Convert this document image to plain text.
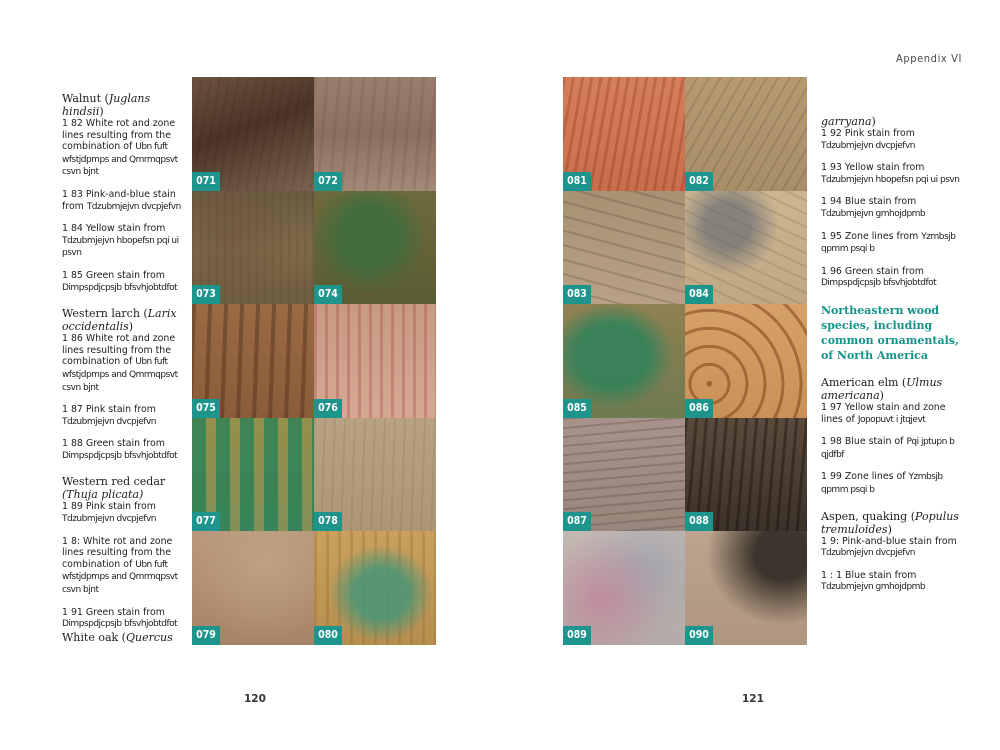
Appendix VI
Walnut (Juglans hindsii)
1 82 White rot and zone lines resulting from the combination of Ubn fuft wfstjdpmps and Qmrmqpsvt csvn bjnt
1 83 Pink-and-blue stain from Tdzubmjejvn dvcpjefvn
1 84 Yellow stain from Tdzubmjejvn hbopefsn pqi ui psvn
1 85 Green stain from Dimpspdjcpsjb bfsvhjobtdfot
Western larch (Larix occidentalis)
1 86 White rot and zone lines resulting from the combination of Ubn fuft wfstjdpmps and Qmrmqpsvt csvn bjnt
1 87 Pink stain from Tdzubmjejvn dvcpjefvn
1 88 Green stain from Dimpspdjcpsjb bfsvhjobtdfot
Western red cedar
(Thuja plicata)
1 89 Pink stain from Tdzubmjejvn dvcpjefvn
1 8: White rot and zone lines resulting from the combination of Ubn fuft wfstjdpmps and Qmrmqpsvt csvn bjnt
1 91 Green stain from Dimpspdjcpsjb bfsvhjobtdfot
White oak (Quercus
071	072
073	074
075	076
077	078
079	080
081	082
083	084
085	086
087	088
089	090
garryana)
1 92 Pink stain from Tdzubmjejvn dvcpjefvn
1 93 Yellow stain from Tdzubmjejvn hbopefsn pqi ui psvn
1 94 Blue stain from Tdzubmjejvn gmhojdpmb
1 95 Zone lines from Yzmbsjb qpmm psqi b
1 96 Green stain from Dimpspdjcpsjb bfsvhjobtdfot
Northeastern wood species, including common ornamentals, of North America
American elm (Ulmus americana)
1 97 Yellow stain and zone lines of Jopopuvt i jtqjevt
1 98 Blue stain of Pqi jptupn b qjdfbf
1 99 Zone lines of Yzmbsjb qpmm psqi b
Aspen, quaking (Populus tremuloides)
1 9: Pink-and-blue stain from Tdzubmjejvn dvcpjefvn
1 : 1 Blue stain from Tdzubmjejvn gmhojdpmb
120	121
